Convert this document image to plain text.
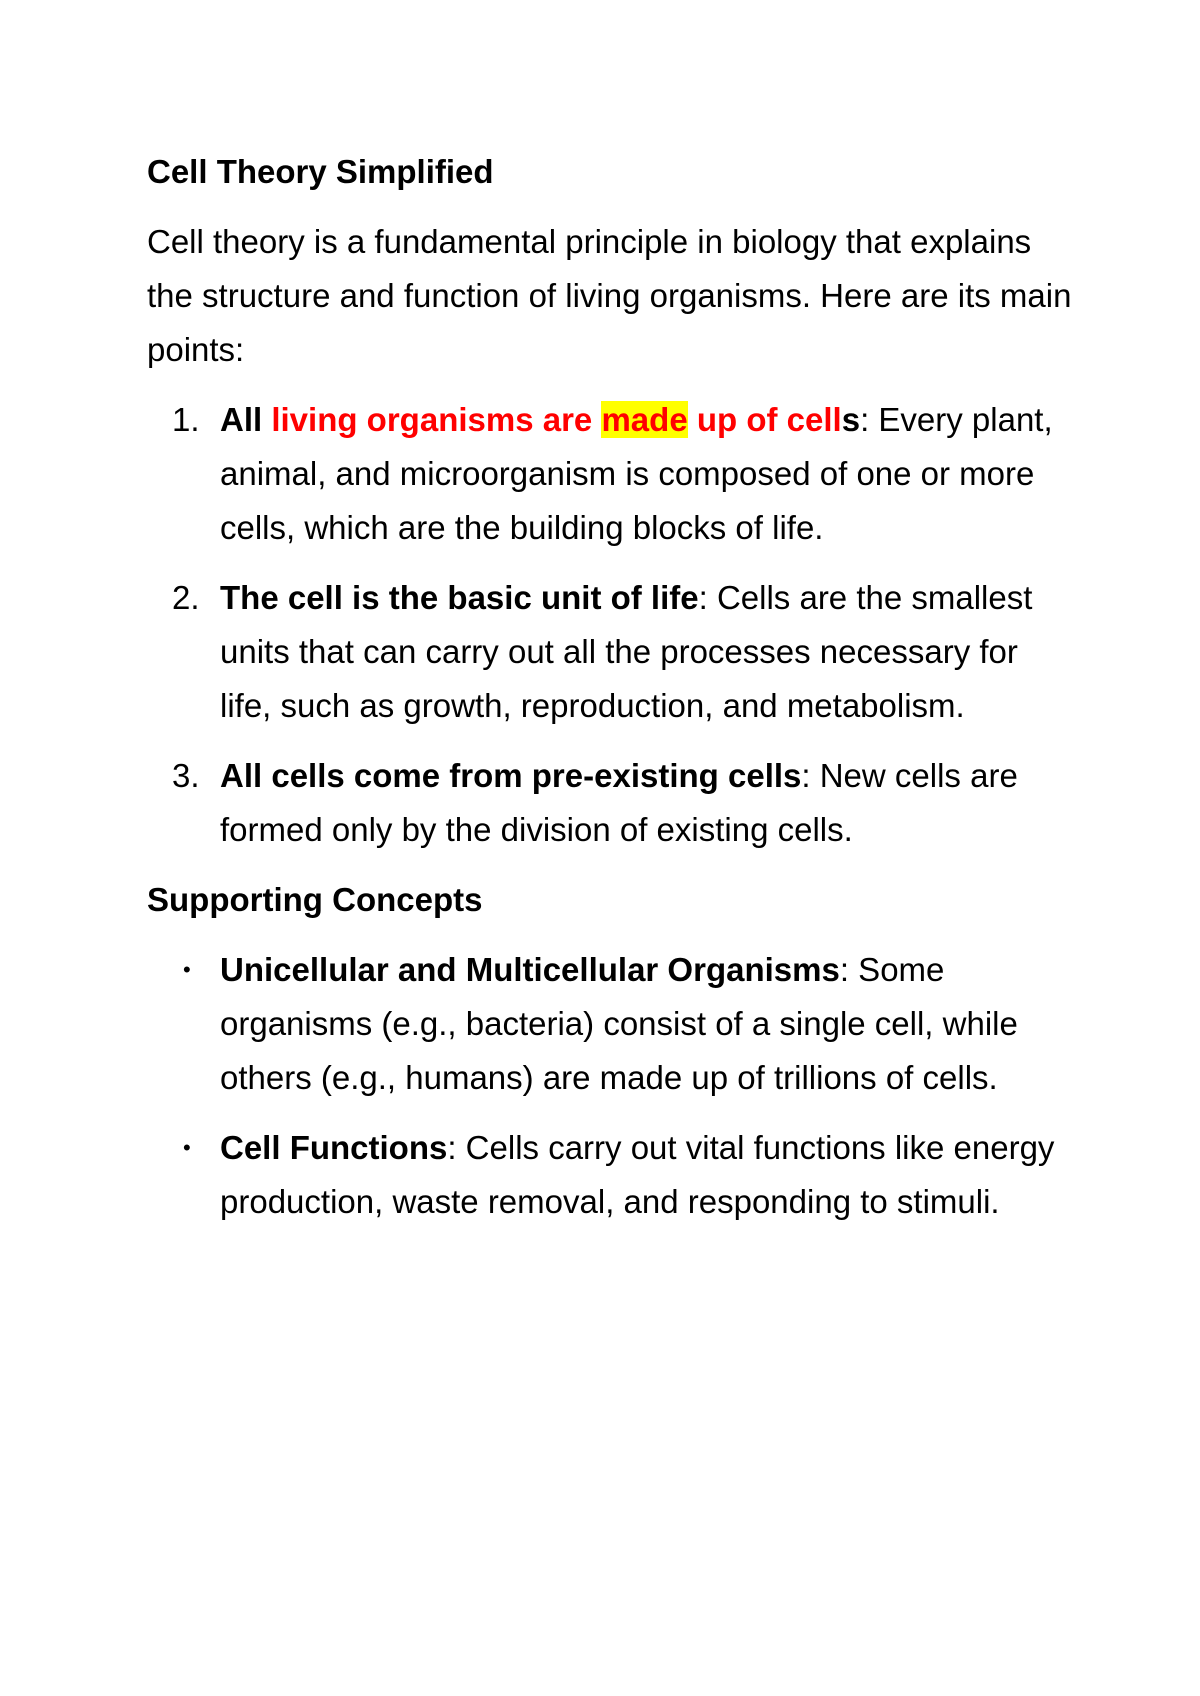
Cell Theory Simplified
Cell theory is a fundamental principle in biology that explains the structure and function of living organisms. Here are its main points:
1. All living organisms are made up of cells: Every plant, animal, and microorganism is composed of one or more cells, which are the building blocks of life.
2. The cell is the basic unit of life: Cells are the smallest units that can carry out all the processes necessary for life, such as growth, reproduction, and metabolism.
3. All cells come from pre-existing cells: New cells are formed only by the division of existing cells.
Supporting Concepts
• Unicellular and Multicellular Organisms: Some organisms (e.g., bacteria) consist of a single cell, while others (e.g., humans) are made up of trillions of cells.
• Cell Functions: Cells carry out vital functions like energy production, waste removal, and responding to stimuli.
